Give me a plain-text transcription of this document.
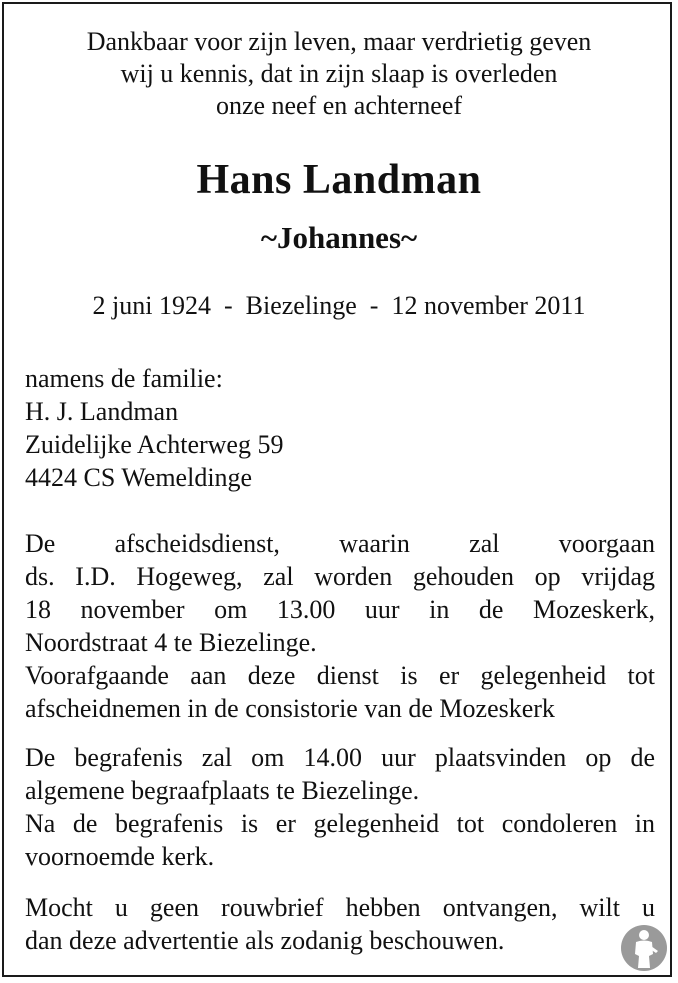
Dankbaar voor zijn leven, maar verdrietig geven
wij u kennis, dat in zijn slaap is overleden
onze neef en achterneef
Hans Landman
~Johannes~
2 juni 1924  -  Biezelinge  -  12 november 2011
namens de familie:
H. J. Landman
Zuidelijke Achterweg 59
4424 CS Wemeldinge
De afscheidsdienst, waarin zal voorgaan
ds. I.D. Hogeweg, zal worden gehouden op vrijdag
18 november om 13.00 uur in de Mozeskerk,
Noordstraat 4 te Biezelinge.
Voorafgaande aan deze dienst is er gelegenheid tot
afscheidnemen in de consistorie van de Mozeskerk
De begrafenis zal om 14.00 uur plaatsvinden op de
algemene begraafplaats te Biezelinge.
Na de begrafenis is er gelegenheid tot condoleren in
voornoemde kerk.
Mocht u geen rouwbrief hebben ontvangen, wilt u
dan deze advertentie als zodanig beschouwen.
